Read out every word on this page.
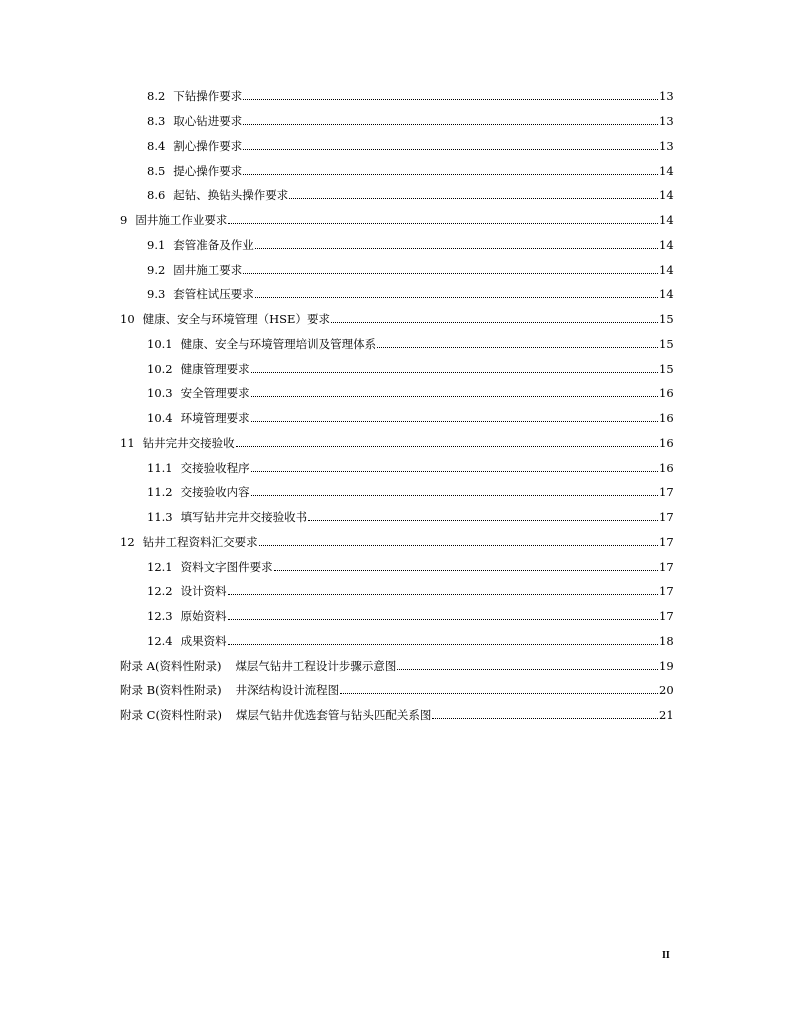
8.2 下钻操作要求	13
8.3 取心钻进要求	13
8.4 割心操作要求	13
8.5 提心操作要求	14
8.6 起钻、换钻头操作要求	14
9 固井施工作业要求	14
9.1 套管准备及作业	14
9.2 固井施工要求	14
9.3 套管柱试压要求	14
10 健康、安全与环境管理（HSE）要求	15
10.1 健康、安全与环境管理培训及管理体系	15
10.2 健康管理要求	15
10.3 安全管理要求	16
10.4 环境管理要求	16
11 钻井完井交接验收	16
11.1 交接验收程序	16
11.2 交接验收内容	17
11.3 填写钻井完井交接验收书	17
12 钻井工程资料汇交要求	17
12.1 资料文字图件要求	17
12.2 设计资料	17
12.3 原始资料	17
12.4 成果资料	18
附录 A(资料性附录) 煤层气钻井工程设计步骤示意图	19
附录 B(资料性附录) 井深结构设计流程图	20
附录 C(资料性附录) 煤层气钻井优选套管与钻头匹配关系图	21
II
